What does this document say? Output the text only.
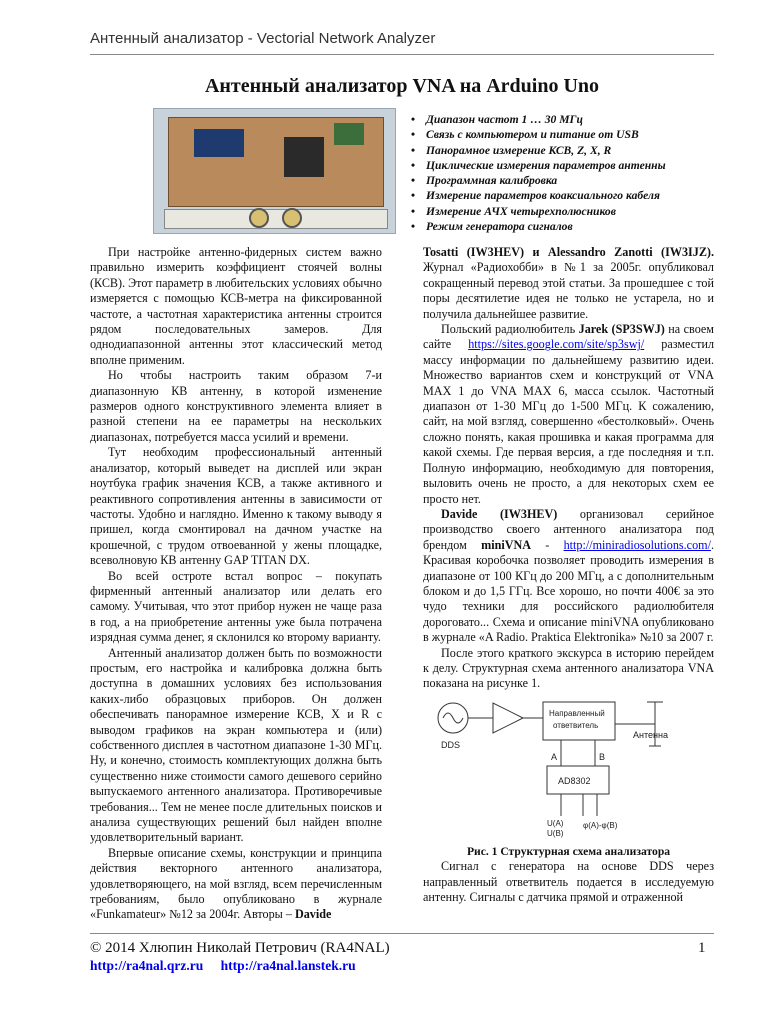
Антенный анализатор - Vectorial Network Analyzer
Антенный анализатор VNA на Arduino Uno
• Диапазон частот 1 … 30 МГц
• Связь с компьютером и питание от USB
• Панорамное измерение КСВ, Z, X, R
• Циклические измерения параметров антенны
• Программная калибровка
• Измерение параметров коаксиального кабеля
• Измерение АЧХ четырехполюсников
• Режим генератора сигналов

При настройке антенно-фидерных систем важно правильно измерить коэффициент стоячей волны (КСВ). Этот параметр в любительских условиях обычно измеряется с помощью КСВ-метра на фиксированной частоте, а частотная характеристика антенны строится рядом последовательных замеров. Для однодиапазонной антенны этот классический метод вполне применим.

Но чтобы настроить таким образом 7-и диапазонную КВ антенну, в которой изменение размеров одного конструктивного элемента влияет в разной степени на ее параметры на нескольких диапазонах, потребуется масса усилий и времени.

Тут необходим профессиональный антенный анализатор, который выведет на дисплей или экран ноутбука график значения КСВ, а также активного и реактивного сопротивления антенны в зависимости от частоты. Удобно и наглядно. Именно к такому выводу я пришел, когда смонтировал на дачном участке на крошечной, с трудом отвоеванной у жены площадке, всеволновую КВ антенну GAP TITAN DX.

Во всей остроте встал вопрос – покупать фирменный антенный анализатор или делать его самому. Учитывая, что этот прибор нужен не чаще раза в год, а на приобретение антенны уже была потрачена изрядная сумма денег, я склонился ко второму варианту.

Антенный анализатор должен быть по возможности простым, его настройка и калибровка должна быть доступна в домашних условиях без использования каких-либо образцовых приборов. Он должен обеспечивать панорамное измерение КСВ, X и R с выводом графиков на экран компьютера и (или) собственного дисплея в частотном диапазоне 1-30 МГц. Ну, и конечно, стоимость комплектующих должна быть существенно ниже стоимости самого дешевого серийно выпускаемого антенного анализатора. Противоречивые требования... Тем не менее после длительных поисков и анализа существующих решений был найден вполне удовлетворительный вариант.

Впервые описание схемы, конструкции и принципа действия векторного антенного анализатора, удовлетворяющего, на мой взгляд, всем перечисленным требованиям, было опубликовано в журнале «Funkamateur» №12 за 2004г. Авторы – Davide

Tosatti (IW3HEV) и Alessandro Zanotti (IW3IJZ). Журнал «Радиохобби» в №1 за 2005г. опубликовал сокращенный перевод этой статьи. За прошедшее с той поры десятилетие идея не только не устарела, но и получила дальнейшее развитие.

Польский радиолюбитель Jarek (SP3SWJ) на своем сайте https://sites.google.com/site/sp3swj/ разместил массу информации по дальнейшему развитию идеи. Множество вариантов схем и конструкций от VNA MAX 1 до VNA MAX 6, масса ссылок. Частотный диапазон от 1-30 МГц до 1-500 МГц. К сожалению, сайт, на мой взгляд, совершенно «бестолковый». Очень сложно понять, какая прошивка и какая программа для какой схемы. Где первая версия, а где последняя и т.п. Полную информацию, необходимую для повторения, выловить очень не просто, а для некоторых схем ее просто нет.

Davide (IW3HEV) организовал серийное производство своего антенного анализатора под брендом miniVNA - http://miniradiosolutions.com/. Красивая коробочка позволяет проводить измерения в диапазоне от 100 КГц до 200 МГц, а с дополнительным блоком и до 1,5 ГГц. Все хорошо, но почти 400€ за это чудо техники для российского радиолюбителя дороговато... Схема и описание miniVNA опубликовано в журнале «A Radio. Praktica Elektronika» №10 за 2007 г.

После этого краткого экскурса в историю перейдем к делу. Структурная схема антенного анализатора VNA показана на рисунке 1.

DDS
Направленный
ответвитель
Антенна
A	B
AD8302
U(A)
U(B)
φ(A)-φ(B)

Рис. 1 Структурная схема анализатора

Сигнал с генератора на основе DDS через направленный ответвитель подается в исследуемую антенну. Сигналы с датчика прямой и отраженной

© 2014 Хлюпин Николай Петрович (RA4NAL)	1
http://ra4nal.qrz.ru http://ra4nal.lanstek.ru
